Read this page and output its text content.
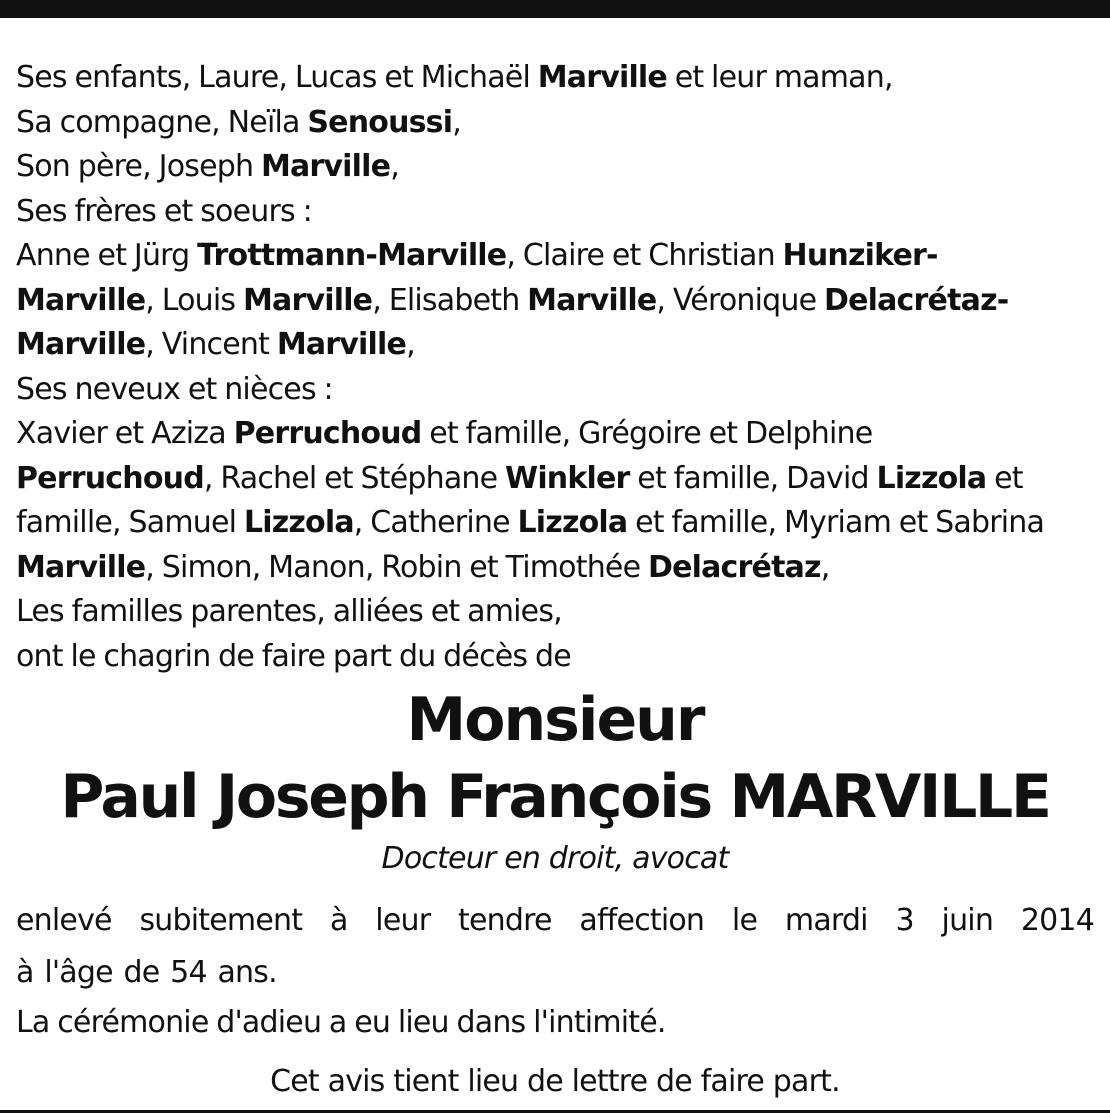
Ses enfants, Laure, Lucas et Michaël Marville et leur maman,
Sa compagne, Neïla Senoussi,
Son père, Joseph Marville,
Ses frères et soeurs :
Anne et Jürg Trottmann-Marville, Claire et Christian Hunziker-
Marville, Louis Marville, Elisabeth Marville, Véronique Delacrétaz-
Marville, Vincent Marville,
Ses neveux et nièces :
Xavier et Aziza Perruchoud et famille, Grégoire et Delphine
Perruchoud, Rachel et Stéphane Winkler et famille, David Lizzola et
famille, Samuel Lizzola, Catherine Lizzola et famille, Myriam et Sabrina
Marville, Simon, Manon, Robin et Timothée Delacrétaz,
Les familles parentes, alliées et amies,
ont le chagrin de faire part du décès de
Monsieur
Paul Joseph François MARVILLE
Docteur en droit, avocat
enlevé subitement à leur tendre affection le mardi 3 juin 2014
à l'âge de 54 ans.
La cérémonie d'adieu a eu lieu dans l'intimité.
Cet avis tient lieu de lettre de faire part.
